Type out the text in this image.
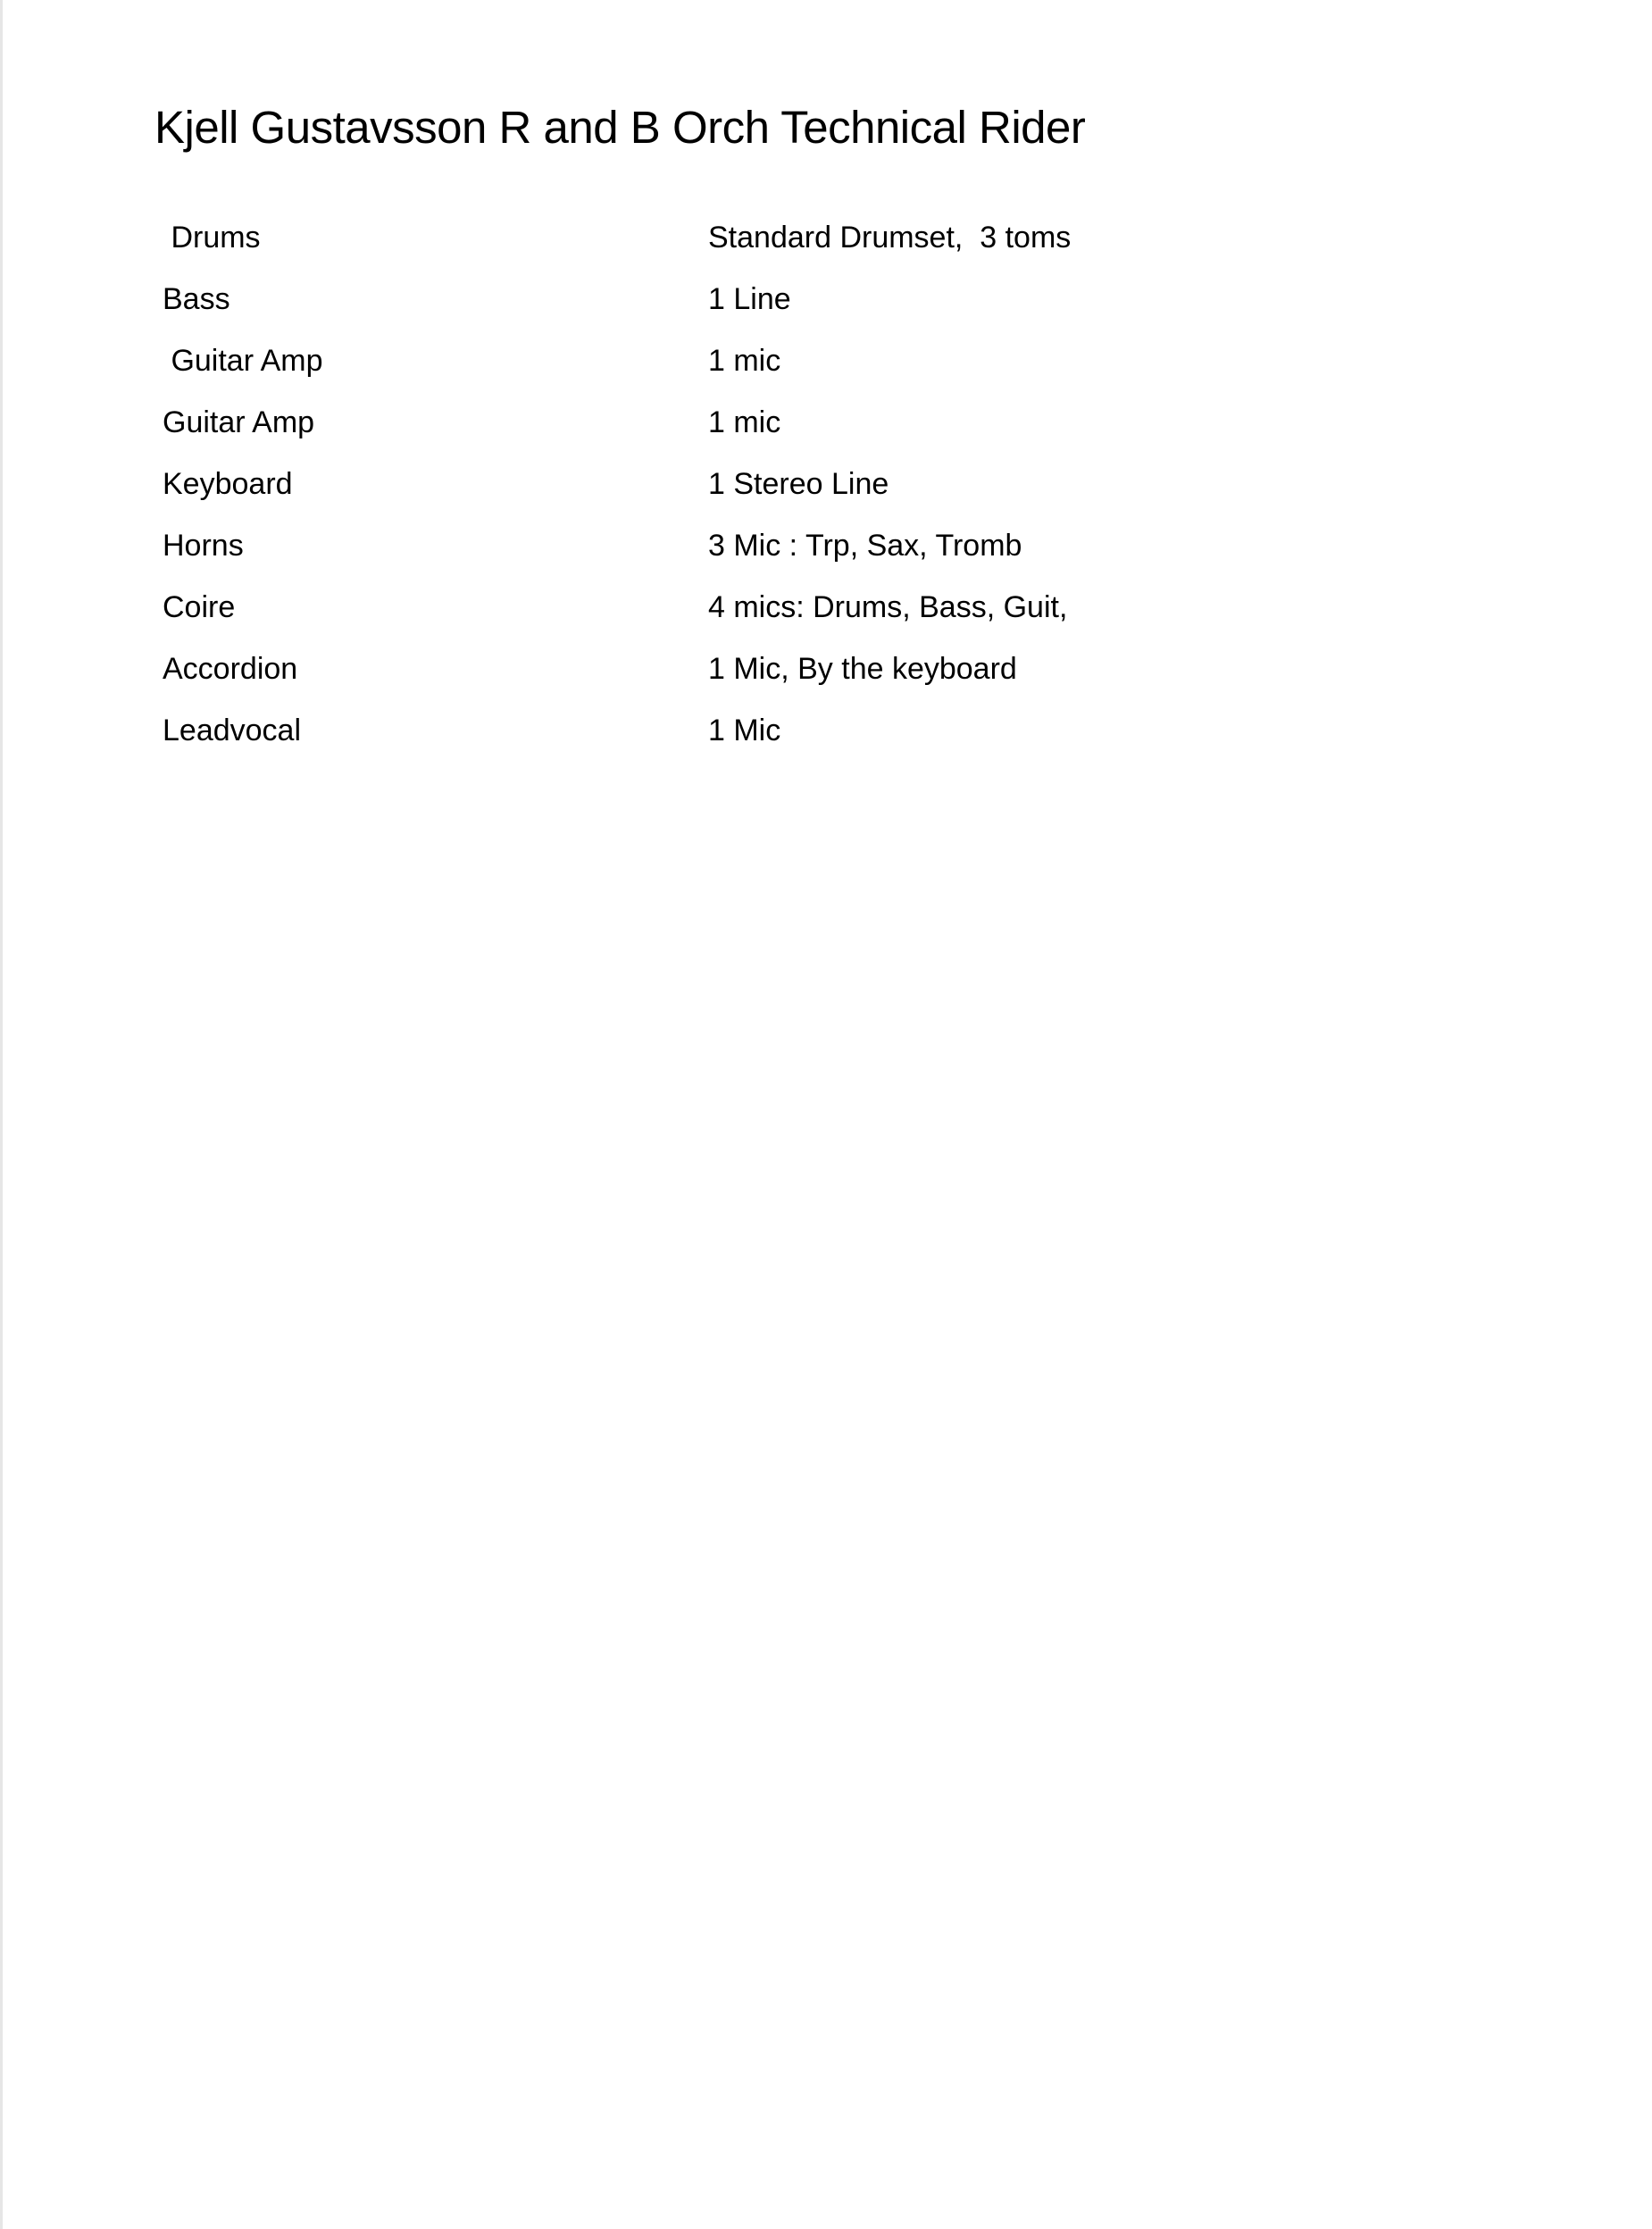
Kjell Gustavsson R and B Orch Technical Rider
Drums	Standard Drumset,  3 toms
Bass	1 Line
Guitar Amp	1 mic
Guitar Amp	1 mic
Keyboard	1 Stereo Line
Horns	3 Mic : Trp, Sax, Tromb
Coire	4 mics: Drums, Bass, Guit,
Accordion	1 Mic, By the keyboard
Leadvocal	1 Mic
